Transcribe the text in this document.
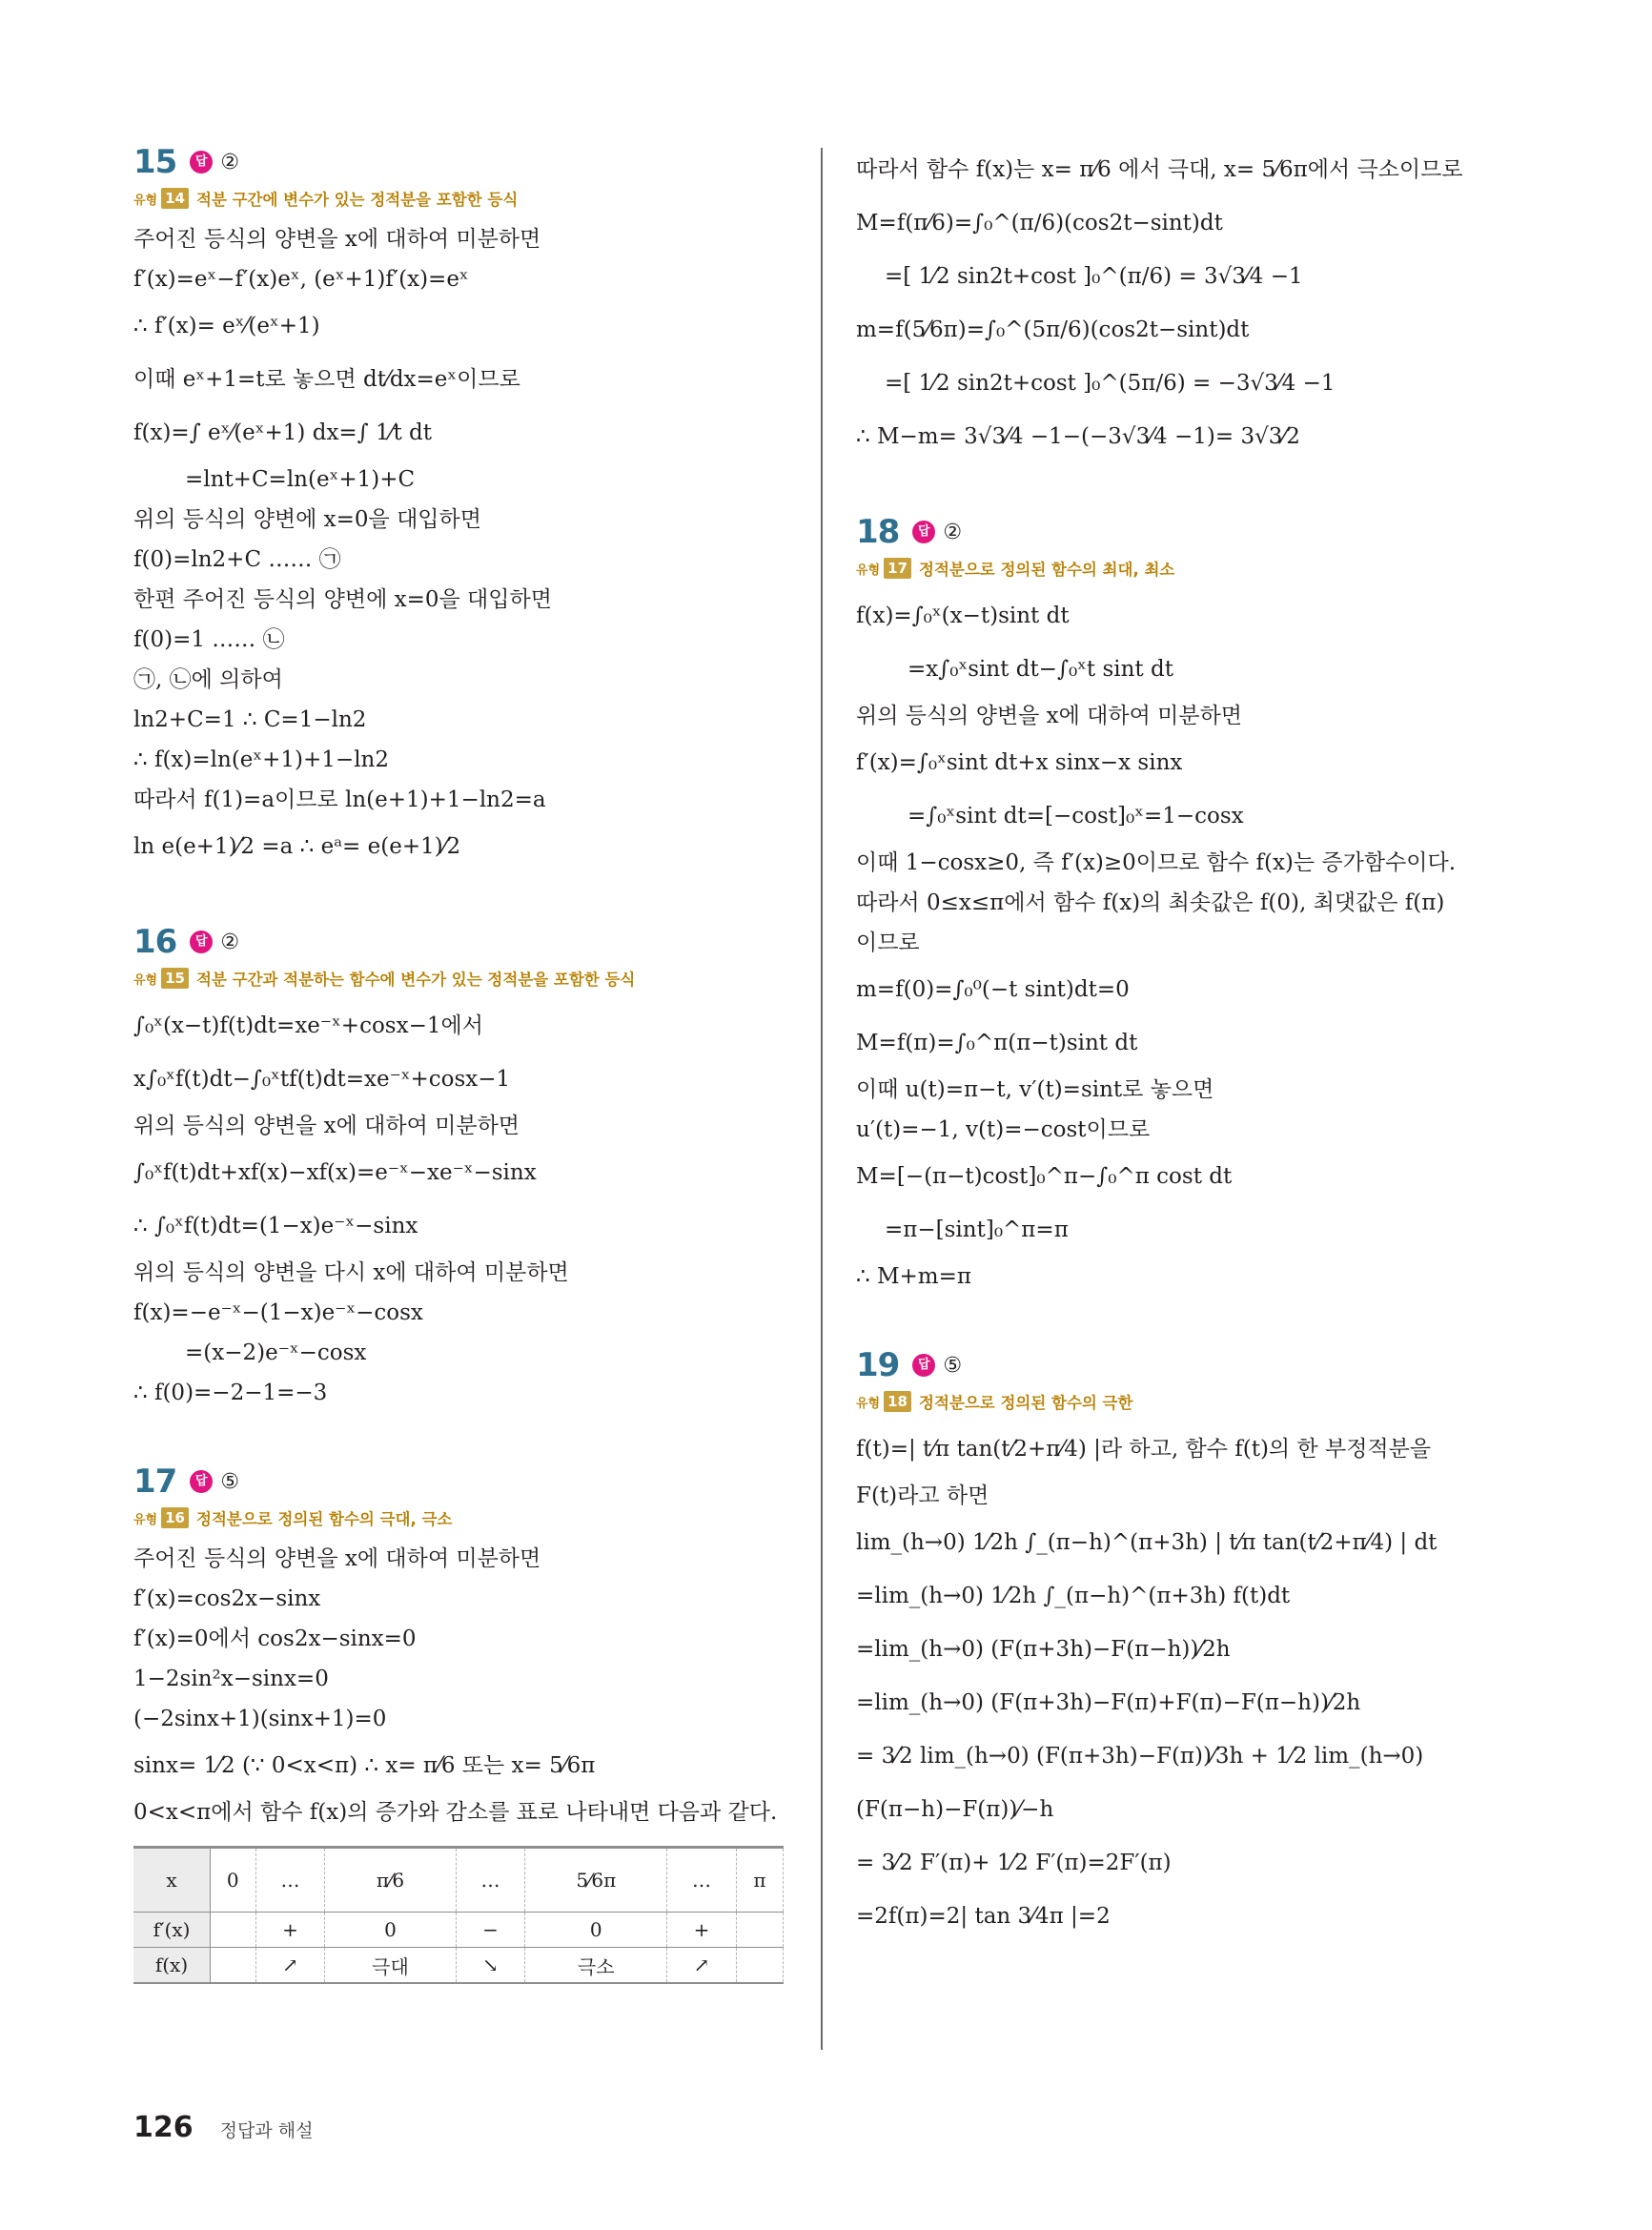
15	답 ②
유형 14 적분 구간에 변수가 있는 정적분을 포함한 등식
주어진 등식의 양변을 x에 대하여 미분하면
f′(x)=eˣ−f′(x)eˣ, (eˣ+1)f′(x)=eˣ
∴ f′(x)= eˣ⁄(eˣ+1)
이때 eˣ+1=t로 놓으면 dt⁄dx=eˣ이므로
f(x)=∫ eˣ⁄(eˣ+1) dx=∫ 1⁄t dt
=lnt+C=ln(eˣ+1)+C
위의 등식의 양변에 x=0을 대입하면
f(0)=ln2+C …… ㉠
한편 주어진 등식의 양변에 x=0을 대입하면
f(0)=1 …… ㉡
㉠, ㉡에 의하여
ln2+C=1 ∴ C=1−ln2
∴ f(x)=ln(eˣ+1)+1−ln2
따라서 f(1)=a이므로 ln(e+1)+1−ln2=a
ln e(e+1)⁄2 =a ∴ eᵃ= e(e+1)⁄2
16	답 ②
유형 15 적분 구간과 적분하는 함수에 변수가 있는 정적분을 포함한 등식
∫₀ˣ(x−t)f(t)dt=xe⁻ˣ+cosx−1에서
x∫₀ˣf(t)dt−∫₀ˣtf(t)dt=xe⁻ˣ+cosx−1
위의 등식의 양변을 x에 대하여 미분하면
∫₀ˣf(t)dt+xf(x)−xf(x)=e⁻ˣ−xe⁻ˣ−sinx
∴ ∫₀ˣf(t)dt=(1−x)e⁻ˣ−sinx
위의 등식의 양변을 다시 x에 대하여 미분하면
f(x)=−e⁻ˣ−(1−x)e⁻ˣ−cosx
=(x−2)e⁻ˣ−cosx
∴ f(0)=−2−1=−3
17	답 ⑤
유형 16 정적분으로 정의된 함수의 극대, 극소
주어진 등식의 양변을 x에 대하여 미분하면
f′(x)=cos2x−sinx
f′(x)=0에서 cos2x−sinx=0
1−2sin²x−sinx=0
(−2sinx+1)(sinx+1)=0
sinx= 1⁄2 (∵ 0<x<π) ∴ x= π⁄6 또는 x= 5⁄6π
0<x<π에서 함수 f(x)의 증가와 감소를 표로 나타내면 다음과 같다.
x	0	…	π⁄6	…	5⁄6π	…	π
f′(x)		+	0	−	0	+	
f(x)		↗	극대	↘	극소	↗	
따라서 함수 f(x)는 x= π⁄6 에서 극대, x= 5⁄6π에서 극소이므로
M=f(π⁄6)=∫₀^(π/6)(cos2t−sint)dt
=[ 1⁄2 sin2t+cost ]₀^(π/6) = 3√3⁄4 −1
m=f(5⁄6π)=∫₀^(5π/6)(cos2t−sint)dt
=[ 1⁄2 sin2t+cost ]₀^(5π/6) = −3√3⁄4 −1
∴ M−m= 3√3⁄4 −1−(−3√3⁄4 −1)= 3√3⁄2
18	답 ②
유형 17 정적분으로 정의된 함수의 최대, 최소
f(x)=∫₀ˣ(x−t)sint dt
=x∫₀ˣsint dt−∫₀ˣt sint dt
위의 등식의 양변을 x에 대하여 미분하면
f′(x)=∫₀ˣsint dt+x sinx−x sinx
=∫₀ˣsint dt=[−cost]₀ˣ=1−cosx
이때 1−cosx≥0, 즉 f′(x)≥0이므로 함수 f(x)는 증가함수이다.
따라서 0≤x≤π에서 함수 f(x)의 최솟값은 f(0), 최댓값은 f(π)
이므로
m=f(0)=∫₀⁰(−t sint)dt=0
M=f(π)=∫₀^π(π−t)sint dt
이때 u(t)=π−t, v′(t)=sint로 놓으면
u′(t)=−1, v(t)=−cost이므로
M=[−(π−t)cost]₀^π−∫₀^π cost dt
=π−[sint]₀^π=π
∴ M+m=π
19	답 ⑤
유형 18 정적분으로 정의된 함수의 극한
f(t)=| t⁄π tan(t⁄2+π⁄4) |라 하고, 함수 f(t)의 한 부정적분을
F(t)라고 하면
lim_(h→0) 1⁄2h ∫_(π−h)^(π+3h) | t⁄π tan(t⁄2+π⁄4) | dt
=lim_(h→0) 1⁄2h ∫_(π−h)^(π+3h) f(t)dt
=lim_(h→0) (F(π+3h)−F(π−h))⁄2h
=lim_(h→0) (F(π+3h)−F(π)+F(π)−F(π−h))⁄2h
= 3⁄2 lim_(h→0) (F(π+3h)−F(π))⁄3h + 1⁄2 lim_(h→0) (F(π−h)−F(π))⁄−h
= 3⁄2 F′(π)+ 1⁄2 F′(π)=2F′(π)
=2f(π)=2| tan 3⁄4π |=2
126 정답과 해설
